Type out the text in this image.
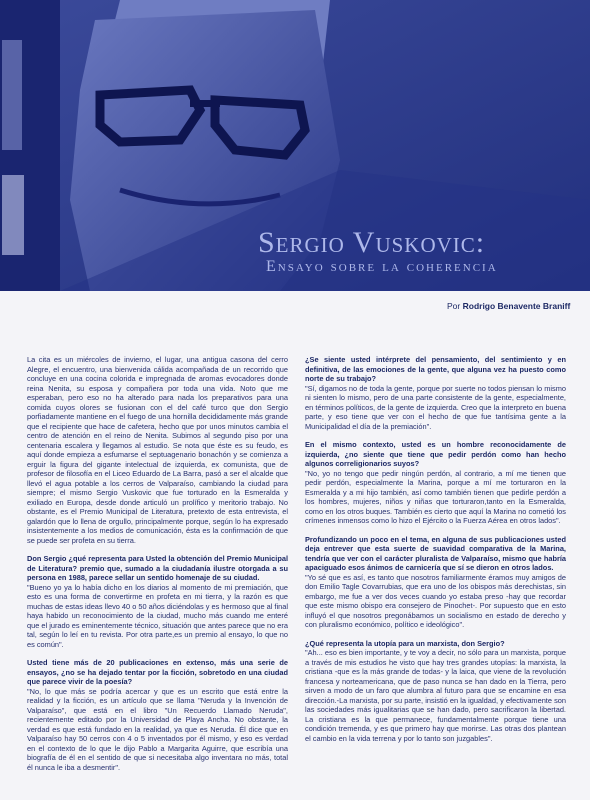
Sergio Vuskovic:
Ensayo sobre la coherencia
Por Rodrigo Benavente Braniff

La cita es un miércoles de invierno, el lugar, una antigua casona del cerro Alegre, el encuentro, una bienvenida cálida acompañada de un recorrido que concluye en una cocina colorida e impregnada de aromas evocadores donde reina Nenita, su esposa y compañera por toda una vida. Noto que me esperaban, pero eso no ha alterado para nada los preparativos para una comida cuyos olores se fusionan con el del café turco que don Sergio porfiadamente mantiene en el fuego de una hornilla decididamente más grande que el recipiente que hace de cafetera, hecho que por unos minutos cambia el centro de atención en el reino de Nenita. Subimos al segundo piso por una centenaria escalera y llegamos al estudio. Se nota que éste es su feudo, es aquí donde empieza a esfumarse el septuagenario bonachón y se comienza a erguir la figura del gigante intelectual de izquierda, ex comunista, que de profesor de filosofía en el Liceo Eduardo de La Barra, pasó a ser el alcalde que llevó el agua potable a los cerros de Valparaíso, cambiando la ciudad para siempre; el mismo Sergio Vuskovic que fue torturado en la Esmeralda y exiliado en Europa, desde donde articuló un prolífico y meritorio trabajo. No obstante, es el Premio Municipal de Literatura, pretexto de esta entrevista, el galardón que lo llena de orgullo, principalmente porque, según lo ha expresado insistentemente a los medios de comunicación, ésta es la confirmación de que se puede ser profeta en su tierra.

Don Sergio ¿qué representa para Usted la obtención del Premio Municipal de Literatura? premio que, sumado a la ciudadanía ilustre otorgada a su persona en 1988, parece sellar un sentido homenaje de su ciudad.
"Bueno yo ya lo había dicho en los diarios al momento de mi premiación, que esto es una forma de convertirme en profeta en mi tierra, y la razón es que muchas de estas ideas llevo 40 o 50 años diciéndolas y es hermoso que al final haya habido un reconocimiento de la ciudad, mucho más cuando me enteré que el jurado es eminentemente técnico, situación que antes parece que no era tal, según lo leí en tu revista. Por otra parte,es un premio al ensayo, lo que no es común".

Usted tiene más de 20 publicaciones en extenso, más una serie de ensayos, ¿no se ha dejado tentar por la ficción, sobretodo en una ciudad que parece vivir de la poesía?
"No, lo que más se podría acercar y que es un escrito que está entre la realidad y la ficción, es un artículo que se llama "Neruda y la Invención de Valparaíso", que está en el libro "Un Recuerdo Llamado Neruda", recientemente editado por la Universidad de Playa Ancha. No obstante, la verdad es que está fundado en la realidad, ya que es Neruda. Él dice que en Valparaíso hay 50 cerros con 4 o 5 inventados por él mismo, y eso es verdad en el contexto de lo que le dijo Pablo a Margarita Aguirre, que escribía una biografía de él en el sentido de que si necesitaba algo inventara no más, total él nunca le iba a desmentir".

¿Se siente usted intérprete del pensamiento, del sentimiento y en definitiva, de las emociones de la gente, que alguna vez ha puesto como norte de su trabajo?
"Sí, digamos no de toda la gente, porque por suerte no todos piensan lo mismo ni sienten lo mismo, pero de una parte consistente de la gente, especialmente, en términos políticos, de la gente de izquierda. Creo que la interpreto en buena parte, y eso tiene que ver con el hecho de que fue tantísima gente a la Municipalidad el día de la premiación".

En el mismo contexto, usted es un hombre reconocidamente de izquierda, ¿no siente que tiene que pedir perdón como han hecho algunos correligionarios suyos?
"No, yo no tengo que pedir ningún perdón, al contrario, a mí me tienen que pedir perdón, especialmente la Marina, porque a mí me torturaron en la Esmeralda y a mi hijo también, así como también tienen que pedirle perdón a los hombres, mujeres, niños y niñas que torturaron,tanto en la Esmeralda, como en los otros buques. También es cierto que aquí la Marina no cometió los crímenes inmensos como lo hizo el Ejército o la Fuerza Aérea en otros lados".

Profundizando un poco en el tema, en alguna de sus publicaciones usted deja entrever que esta suerte de suavidad comparativa de la Marina, tendría que ver con el carácter pluralista de Valparaíso, mismo que habría apaciguado esos ánimos de carnicería que sí se dieron en otros lados.
"Yo sé que es así, es tanto que nosotros familiarmente éramos muy amigos de don Emilio Tagle Covarrubias, que era uno de los obispos más derechistas, sin embargo, me fue a ver dos veces cuando yo estaba preso -hay que recordar que este mismo obispo era consejero de Pinochet-. Por supuesto que en esto influyó el que nosotros pregonábamos un socialismo en estado de derecho y con pluralismo económico, político e ideológico".

¿Qué representa la utopía para un marxista, don Sergio?
"Ah... eso es bien importante, y te voy a decir, no sólo para un marxista, porque a través de mis estudios he visto que hay tres grandes utopías: la marxista, la cristiana -que es la más grande de todas- y la laica, que viene de la revolución francesa y norteamericana, que de paso nunca se han dado en la Tierra, pero sirven a modo de un faro que alumbra al futuro para que se encamine en esa dirección.-La marxista, por su parte, insistió en la igualdad, y efectivamente son las sociedades más igualitarias que se han dado, pero sacrificaron la libertad. La cristiana es la que permanece, fundamentalmente porque tiene una condición tremenda, y es que primero hay que morirse. Las otras dos plantean el cambio en la vida terrena y por lo tanto son juzgables".
